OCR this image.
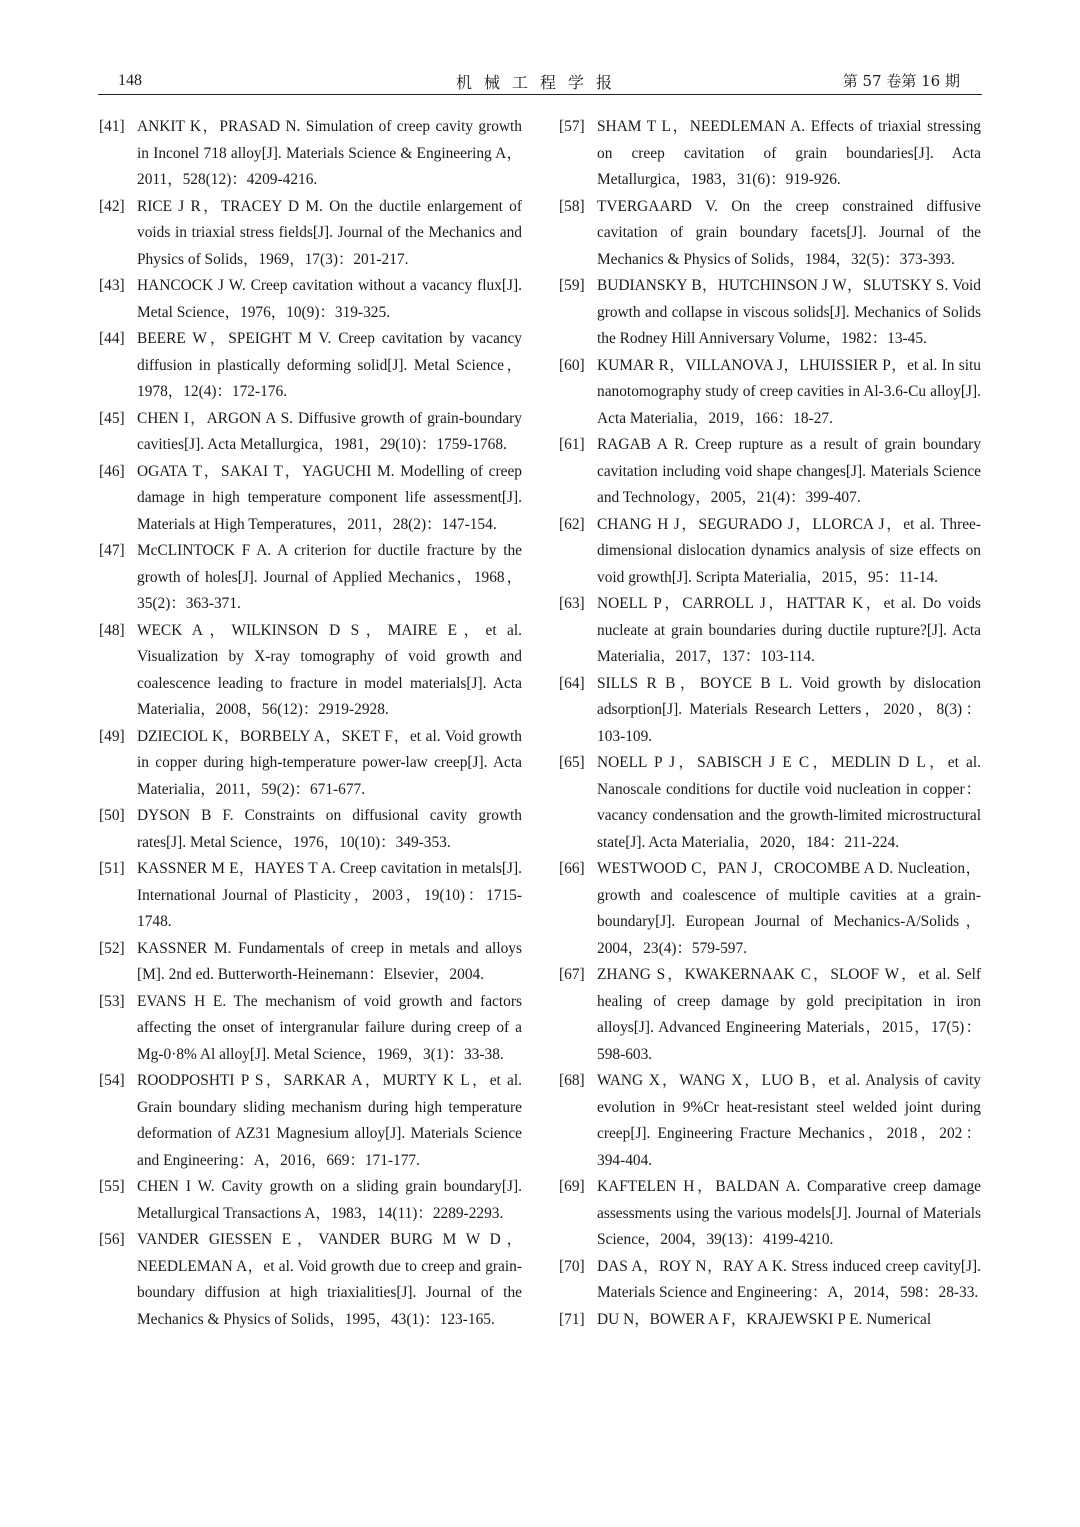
148	机械工程学报	第 57 卷第 16 期
[41] ANKIT K，PRASAD N. Simulation of creep cavity growth in Inconel 718 alloy[J]. Materials Science & Engineering A，2011，528(12)：4209-4216.
[42] RICE J R，TRACEY D M. On the ductile enlargement of voids in triaxial stress fields[J]. Journal of the Mechanics and Physics of Solids，1969，17(3)：201-217.
[43] HANCOCK J W. Creep cavitation without a vacancy flux[J]. Metal Science，1976，10(9)：319-325.
[44] BEERE W，SPEIGHT M V. Creep cavitation by vacancy diffusion in plastically deforming solid[J]. Metal Science，1978，12(4)：172-176.
[45] CHEN I，ARGON A S. Diffusive growth of grain-boundary cavities[J]. Acta Metallurgica，1981，29(10)：1759-1768.
[46] OGATA T，SAKAI T，YAGUCHI M. Modelling of creep damage in high temperature component life assessment[J]. Materials at High Temperatures，2011，28(2)：147-154.
[47] McCLINTOCK F A. A criterion for ductile fracture by the growth of holes[J]. Journal of Applied Mechanics，1968，35(2)：363-371.
[48] WECK A，WILKINSON D S，MAIRE E，et al. Visualization by X-ray tomography of void growth and coalescence leading to fracture in model materials[J]. Acta Materialia，2008，56(12)：2919-2928.
[49] DZIECIOL K，BORBELY A，SKET F，et al. Void growth in copper during high-temperature power-law creep[J]. Acta Materialia，2011，59(2)：671-677.
[50] DYSON B F. Constraints on diffusional cavity growth rates[J]. Metal Science，1976，10(10)：349-353.
[51] KASSNER M E，HAYES T A. Creep cavitation in metals[J]. International Journal of Plasticity，2003，19(10)：1715-1748.
[52] KASSNER M. Fundamentals of creep in metals and alloys [M]. 2nd ed. Butterworth-Heinemann：Elsevier，2004.
[53] EVANS H E. The mechanism of void growth and factors affecting the onset of intergranular failure during creep of a Mg-0·8% Al alloy[J]. Metal Science，1969，3(1)：33-38.
[54] ROODPOSHTI P S，SARKAR A，MURTY K L，et al. Grain boundary sliding mechanism during high temperature deformation of AZ31 Magnesium alloy[J]. Materials Science and Engineering：A，2016，669：171-177.
[55] CHEN I W. Cavity growth on a sliding grain boundary[J]. Metallurgical Transactions A，1983，14(11)：2289-2293.
[56] VANDER GIESSEN E，VANDER BURG M W D，NEEDLEMAN A，et al. Void growth due to creep and grain-boundary diffusion at high triaxialities[J]. Journal of the Mechanics & Physics of Solids，1995，43(1)：123-165.
[57] SHAM T L，NEEDLEMAN A. Effects of triaxial stressing on creep cavitation of grain boundaries[J]. Acta Metallurgica，1983，31(6)：919-926.
[58] TVERGAARD V. On the creep constrained diffusive cavitation of grain boundary facets[J]. Journal of the Mechanics & Physics of Solids，1984，32(5)：373-393.
[59] BUDIANSKY B，HUTCHINSON J W，SLUTSKY S. Void growth and collapse in viscous solids[J]. Mechanics of Solids the Rodney Hill Anniversary Volume，1982：13-45.
[60] KUMAR R，VILLANOVA J，LHUISSIER P，et al. In situ nanotomography study of creep cavities in Al-3.6-Cu alloy[J]. Acta Materialia，2019，166：18-27.
[61] RAGAB A R. Creep rupture as a result of grain boundary cavitation including void shape changes[J]. Materials Science and Technology，2005，21(4)：399-407.
[62] CHANG H J，SEGURADO J，LLORCA J，et al. Three-dimensional dislocation dynamics analysis of size effects on void growth[J]. Scripta Materialia，2015，95：11-14.
[63] NOELL P，CARROLL J，HATTAR K，et al. Do voids nucleate at grain boundaries during ductile rupture?[J]. Acta Materialia，2017，137：103-114.
[64] SILLS R B，BOYCE B L. Void growth by dislocation adsorption[J]. Materials Research Letters，2020，8(3)：103-109.
[65] NOELL P J，SABISCH J E C，MEDLIN D L，et al. Nanoscale conditions for ductile void nucleation in copper：vacancy condensation and the growth-limited microstructural state[J]. Acta Materialia，2020，184：211-224.
[66] WESTWOOD C，PAN J，CROCOMBE A D. Nucleation，growth and coalescence of multiple cavities at a grain-boundary[J]. European Journal of Mechanics-A/Solids，2004，23(4)：579-597.
[67] ZHANG S，KWAKERNAAK C，SLOOF W，et al. Self healing of creep damage by gold precipitation in iron alloys[J]. Advanced Engineering Materials，2015，17(5)：598-603.
[68] WANG X，WANG X，LUO B，et al. Analysis of cavity evolution in 9%Cr heat-resistant steel welded joint during creep[J]. Engineering Fracture Mechanics，2018，202：394-404.
[69] KAFTELEN H，BALDAN A. Comparative creep damage assessments using the various models[J]. Journal of Materials Science，2004，39(13)：4199-4210.
[70] DAS A，ROY N，RAY A K. Stress induced creep cavity[J]. Materials Science and Engineering：A，2014，598：28-33.
[71] DU N，BOWER A F，KRAJEWSKI P E. Numerical
